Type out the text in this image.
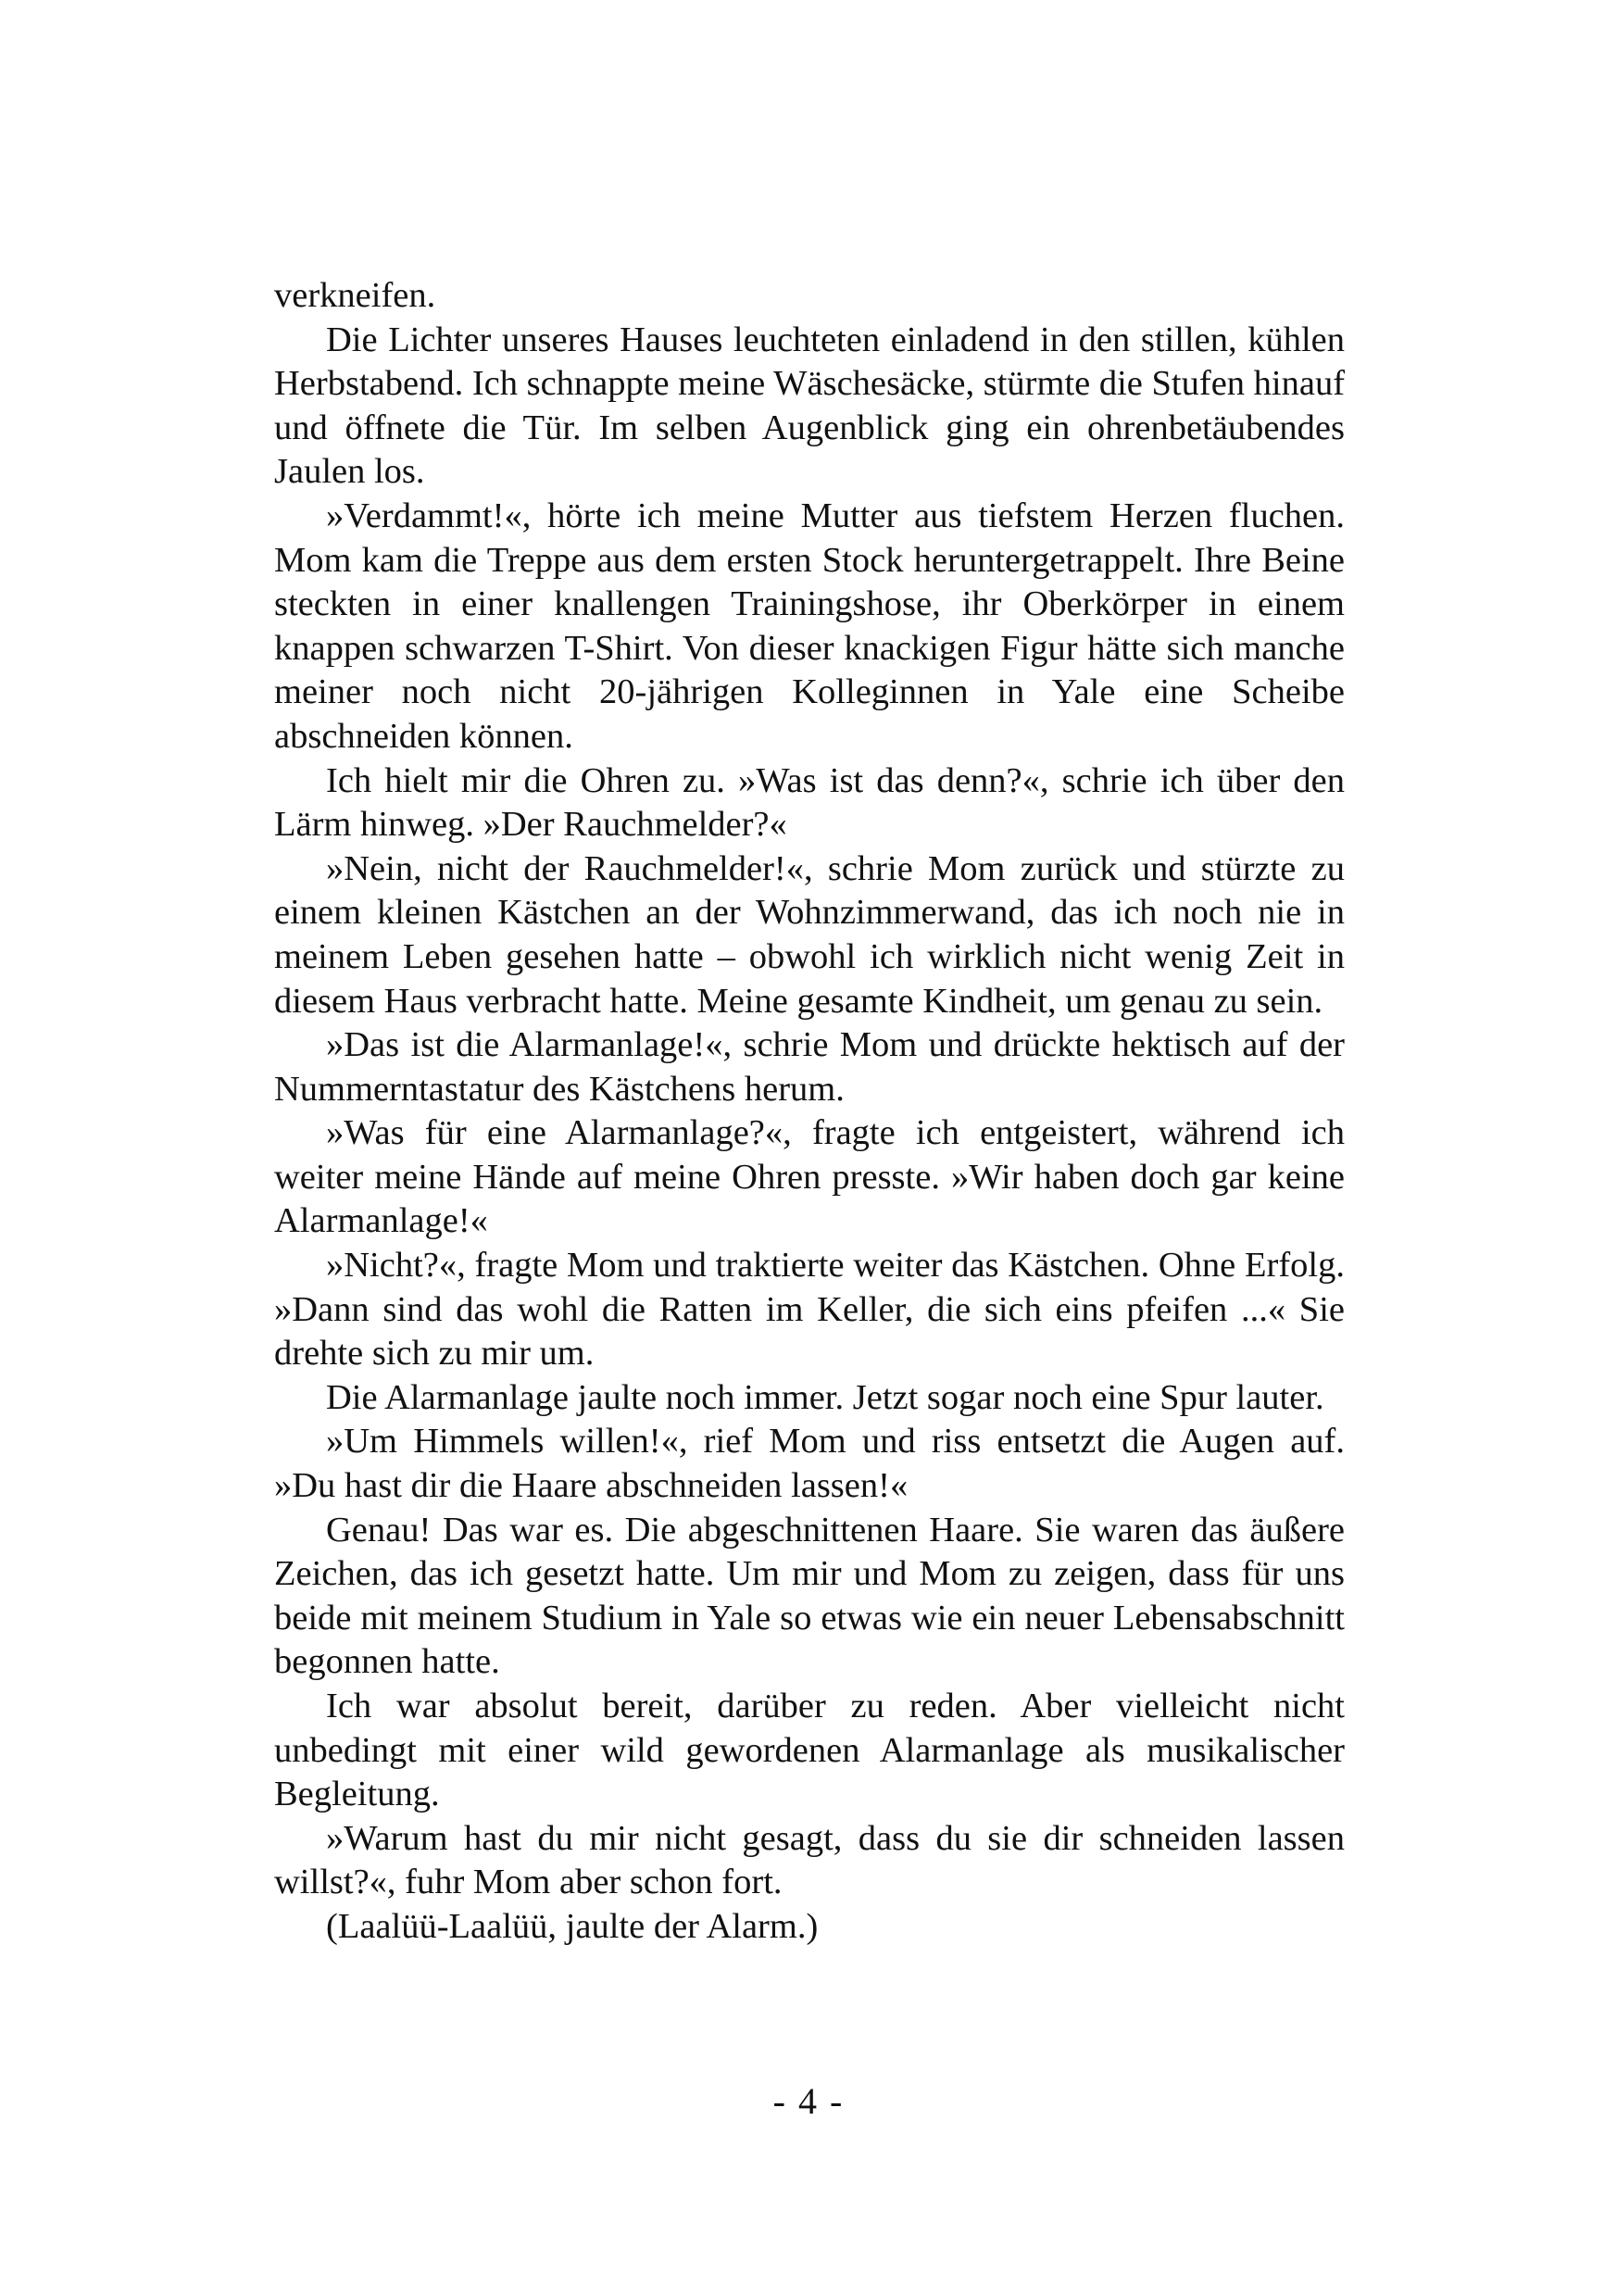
verkneifen.

Die Lichter unseres Hauses leuchteten einladend in den stillen, kühlen Herbstabend. Ich schnappte meine Wäschesäcke, stürmte die Stufen hinauf und öffnete die Tür. Im selben Augenblick ging ein ohrenbetäubendes Jaulen los.

»Verdammt!«, hörte ich meine Mutter aus tiefstem Herzen fluchen. Mom kam die Treppe aus dem ersten Stock heruntergetrappelt. Ihre Beine steckten in einer knallengen Trainingshose, ihr Oberkörper in einem knappen schwarzen T-Shirt. Von dieser knackigen Figur hätte sich manche meiner noch nicht 20-jährigen Kolleginnen in Yale eine Scheibe abschneiden können.

Ich hielt mir die Ohren zu. »Was ist das denn?«, schrie ich über den Lärm hinweg. »Der Rauchmelder?«

»Nein, nicht der Rauchmelder!«, schrie Mom zurück und stürzte zu einem kleinen Kästchen an der Wohnzimmerwand, das ich noch nie in meinem Leben gesehen hatte – obwohl ich wirklich nicht wenig Zeit in diesem Haus verbracht hatte. Meine gesamte Kindheit, um genau zu sein.

»Das ist die Alarmanlage!«, schrie Mom und drückte hektisch auf der Nummerntastatur des Kästchens herum.

»Was für eine Alarmanlage?«, fragte ich entgeistert, während ich weiter meine Hände auf meine Ohren presste. »Wir haben doch gar keine Alarmanlage!«

»Nicht?«, fragte Mom und traktierte weiter das Kästchen. Ohne Erfolg. »Dann sind das wohl die Ratten im Keller, die sich eins pfeifen ...« Sie drehte sich zu mir um.

Die Alarmanlage jaulte noch immer. Jetzt sogar noch eine Spur lauter.

»Um Himmels willen!«, rief Mom und riss entsetzt die Augen auf. »Du hast dir die Haare abschneiden lassen!«

Genau! Das war es. Die abgeschnittenen Haare. Sie waren das äußere Zeichen, das ich gesetzt hatte. Um mir und Mom zu zeigen, dass für uns beide mit meinem Studium in Yale so etwas wie ein neuer Lebensabschnitt begonnen hatte.

Ich war absolut bereit, darüber zu reden. Aber vielleicht nicht unbedingt mit einer wild gewordenen Alarmanlage als musikalischer Begleitung.

»Warum hast du mir nicht gesagt, dass du sie dir schneiden lassen willst?«, fuhr Mom aber schon fort.

(Laalüü-Laalüü, jaulte der Alarm.)

- 4 -
